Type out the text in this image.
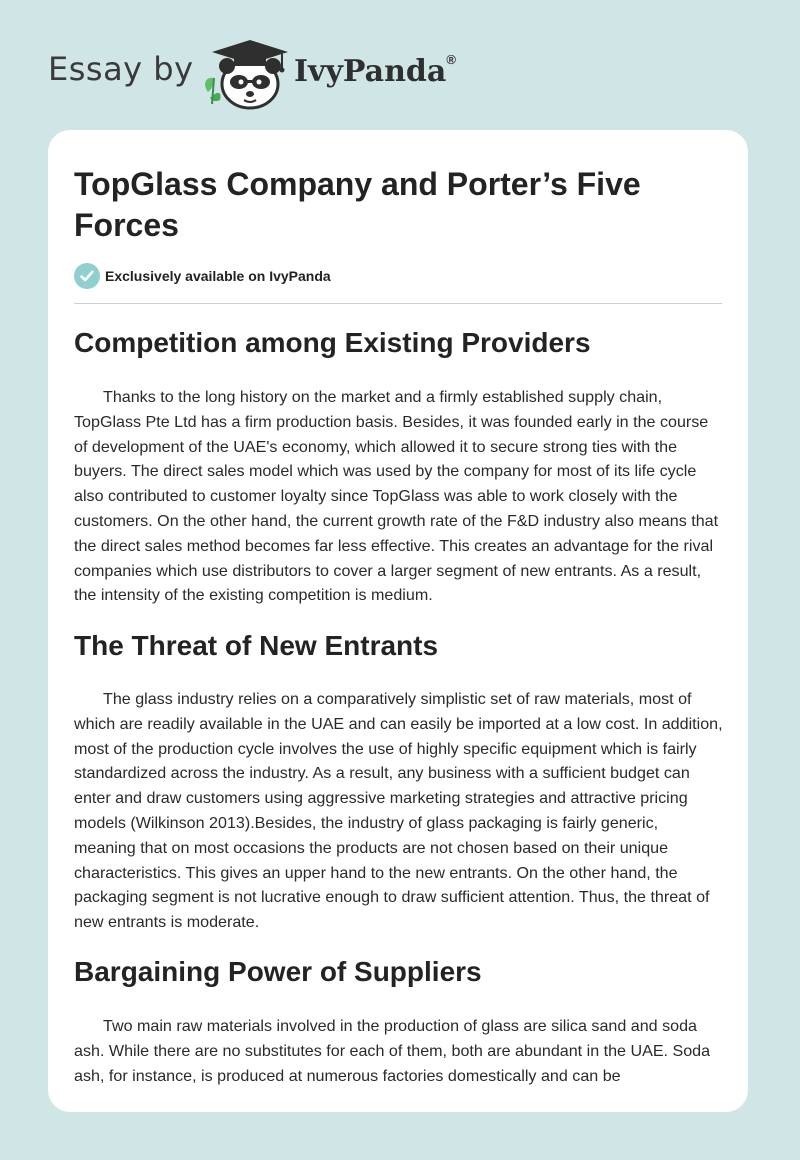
Essay by	IvyPanda®
TopGlass Company and Porter’s Five Forces
Exclusively available on IvyPanda
Competition among Existing Providers

Thanks to the long history on the market and a firmly established supply chain, TopGlass Pte Ltd has a firm production basis. Besides, it was founded early in the course of development of the UAE's economy, which allowed it to secure strong ties with the buyers. The direct sales model which was used by the company for most of its life cycle also contributed to customer loyalty since TopGlass was able to work closely with the customers. On the other hand, the current growth rate of the F&D industry also means that the direct sales method becomes far less effective. This creates an advantage for the rival companies which use distributors to cover a larger segment of new entrants. As a result, the intensity of the existing competition is medium.

The Threat of New Entrants

The glass industry relies on a comparatively simplistic set of raw materials, most of which are readily available in the UAE and can easily be imported at a low cost. In addition, most of the production cycle involves the use of highly specific equipment which is fairly standardized across the industry. As a result, any business with a sufficient budget can enter and draw customers using aggressive marketing strategies and attractive pricing models (Wilkinson 2013).Besides, the industry of glass packaging is fairly generic, meaning that on most occasions the products are not chosen based on their unique characteristics. This gives an upper hand to the new entrants. On the other hand, the packaging segment is not lucrative enough to draw sufficient attention. Thus, the threat of new entrants is moderate.

Bargaining Power of Suppliers

Two main raw materials involved in the production of glass are silica sand and soda ash. While there are no substitutes for each of them, both are abundant in the UAE. Soda ash, for instance, is produced at numerous factories domestically and can be
